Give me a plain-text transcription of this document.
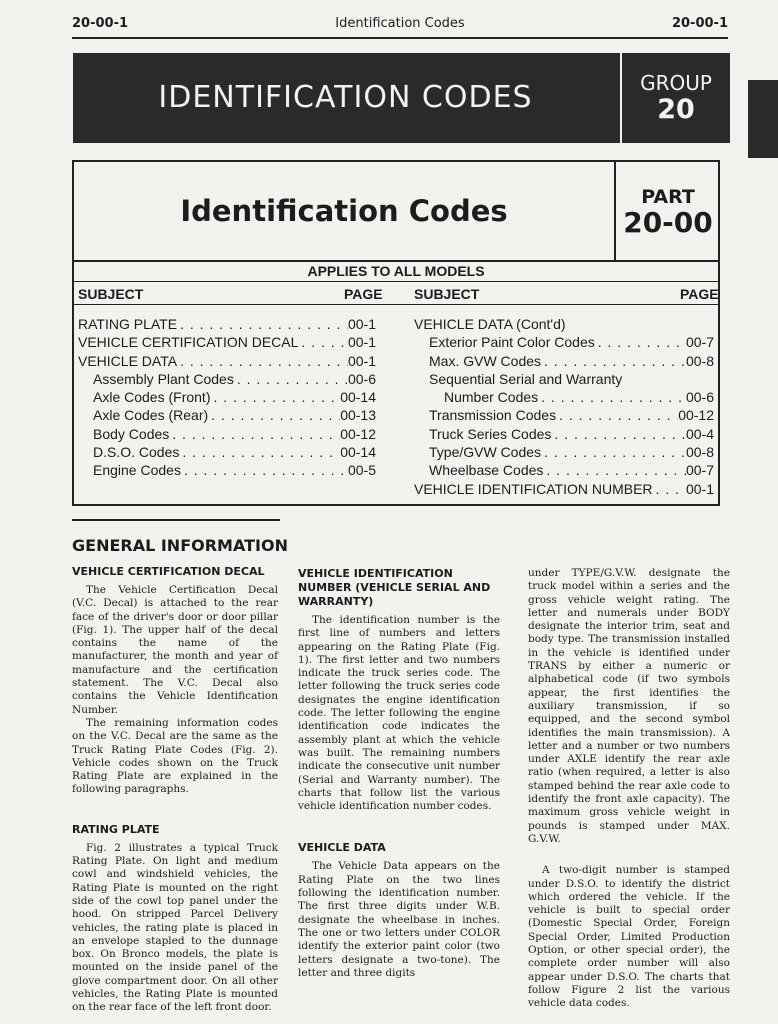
20-00-1	Identification Codes	20-00-1
IDENTIFICATION CODES	GROUP
20
Identification Codes	PART
20-00
APPLIES TO ALL MODELS
SUBJECT	PAGE SUBJECT	PAGE
RATING PLATE . . .	00-1
VEHICLE CERTIFICATION DECAL . . .	00-1
VEHICLE DATA . . .	00-1
Assembly Plant Codes . . .	00-6
Axle Codes (Front) . . .	00-14
Axle Codes (Rear) . . .	00-13
Body Codes . . .	00-12
D.S.O. Codes . . .	00-14
Engine Codes . . .	00-5
VEHICLE DATA (Cont'd)
Exterior Paint Color Codes . . .	00-7
Max. GVW Codes . . .	00-8
Sequential Serial and Warranty
Number Codes . . .	00-6
Transmission Codes . . .	00-12
Truck Series Codes . . .	00-4
Type/GVW Codes . . .	00-8
Wheelbase Codes . . .	00-7
VEHICLE IDENTIFICATION NUMBER . . . 00-1
GENERAL INFORMATION
VEHICLE CERTIFICATION DECAL

The Vehicle Certification Decal (V.C. Decal) is attached to the rear face of the driver's door or door pillar (Fig. 1). The upper half of the decal contains the name of the manufacturer, the month and year of manufacture and the certification statement. The V.C. Decal also contains the Vehicle Identification Number.

The remaining information codes on the V.C. Decal are the same as the Truck Rating Plate Codes (Fig. 2). Vehicle codes shown on the Truck Rating Plate are explained in the following paragraphs.

RATING PLATE

Fig. 2 illustrates a typical Truck Rating Plate. On light and medium cowl and windshield vehicles, the Rating Plate is mounted on the right side of the cowl top panel under the hood. On stripped Parcel Delivery vehicles, the rating plate is placed in an envelope stapled to the dunnage box. On Bronco models, the plate is mounted on the inside panel of the glove compartment door. On all other vehicles, the Rating Plate is mounted on the rear face of the left front door.

VEHICLE IDENTIFICATION NUMBER (VEHICLE SERIAL AND WARRANTY)

The identification number is the first line of numbers and letters appearing on the Rating Plate (Fig. 1). The first letter and two numbers indicate the truck series code. The letter following the truck series code designates the engine identification code. The letter following the engine identification code indicates the assembly plant at which the vehicle was built. The remaining numbers indicate the consecutive unit number (Serial and Warranty number). The charts that follow list the various vehicle identification number codes.

VEHICLE DATA

The Vehicle Data appears on the Rating Plate on the two lines following the identification number. The first three digits under W.B. designate the wheelbase in inches. The one or two letters under COLOR identify the exterior paint color (two letters designate a two-tone). The letter and three digits

under TYPE/G.V.W. designate the truck model within a series and the gross vehicle weight rating. The letter and numerals under BODY designate the interior trim, seat and body type. The transmission installed in the vehicle is identified under TRANS by either a numeric or alphabetical code (if two symbols appear, the first identifies the auxiliary transmission, if so equipped, and the second symbol identifies the main transmission). A letter and a number or two numbers under AXLE identify the rear axle ratio (when required, a letter is also stamped behind the rear axle code to identify the front axle capacity). The maximum gross vehicle weight in pounds is stamped under MAX. G.V.W.

A two-digit number is stamped under D.S.O. to identify the district which ordered the vehicle. If the vehicle is built to special order (Domestic Special Order, Foreign Special Order, Limited Production Option, or other special order), the complete order number will also appear under D.S.O. The charts that follow Figure 2 list the various vehicle data codes.
